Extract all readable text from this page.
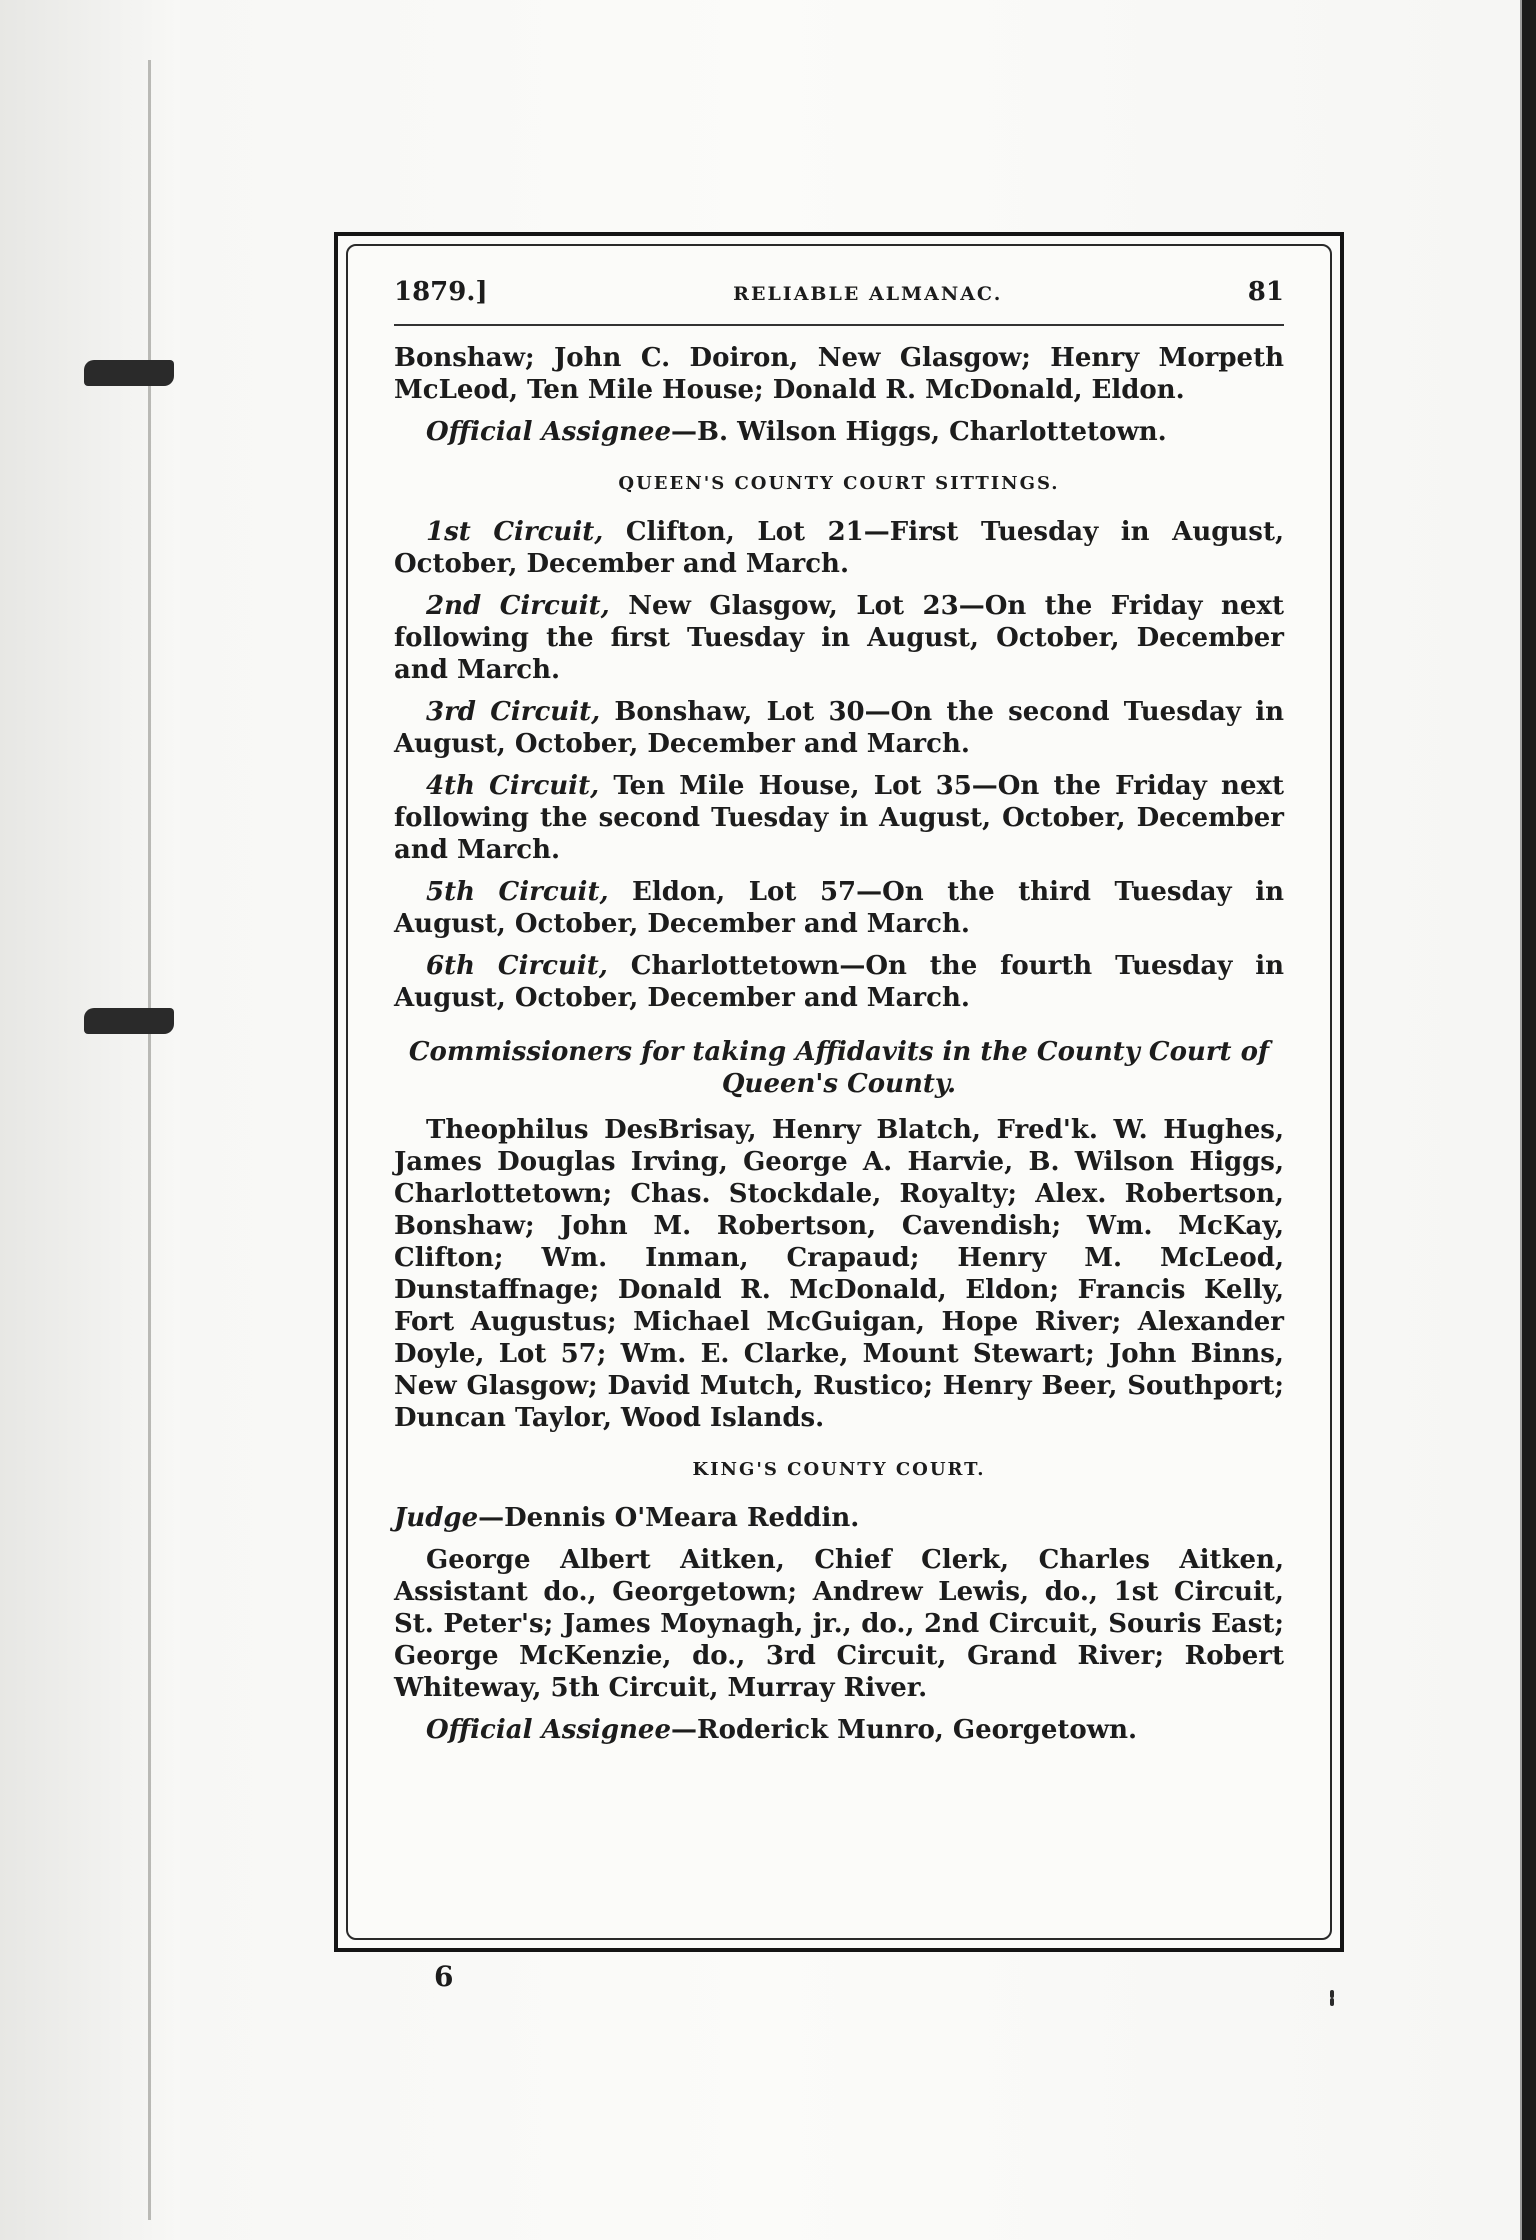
1879.]	RELIABLE ALMANAC.	81

Bonshaw; John C. Doiron, New Glasgow; Henry Morpeth McLeod, Ten Mile House; Donald R. McDonald, Eldon.

Official Assignee—B. Wilson Higgs, Charlottetown.

QUEEN'S COUNTY COURT SITTINGS.

1st Circuit, Clifton, Lot 21—First Tuesday in August, October, December and March.

2nd Circuit, New Glasgow, Lot 23—On the Friday next following the first Tuesday in August, October, December and March.

3rd Circuit, Bonshaw, Lot 30—On the second Tuesday in August, October, December and March.

4th Circuit, Ten Mile House, Lot 35—On the Friday next following the second Tuesday in August, October, December and March.

5th Circuit, Eldon, Lot 57—On the third Tuesday in August, October, December and March.

6th Circuit, Charlottetown—On the fourth Tuesday in August, October, December and March.

Commissioners for taking Affidavits in the County Court of Queen's County.

Theophilus DesBrisay, Henry Blatch, Fred'k. W. Hughes, James Douglas Irving, George A. Harvie, B. Wilson Higgs, Charlottetown; Chas. Stockdale, Royalty; Alex. Robertson, Bonshaw; John M. Robertson, Cavendish; Wm. McKay, Clifton; Wm. Inman, Crapaud; Henry M. McLeod, Dunstaffnage; Donald R. McDonald, Eldon; Francis Kelly, Fort Augustus; Michael McGuigan, Hope River; Alexander Doyle, Lot 57; Wm. E. Clarke, Mount Stewart; John Binns, New Glasgow; David Mutch, Rustico; Henry Beer, Southport; Duncan Taylor, Wood Islands.

KING'S COUNTY COURT.

Judge—Dennis O'Meara Reddin.

George Albert Aitken, Chief Clerk, Charles Aitken, Assistant do., Georgetown; Andrew Lewis, do., 1st Circuit, St. Peter's; James Moynagh, jr., do., 2nd Circuit, Souris East; George McKenzie, do., 3rd Circuit, Grand River; Robert Whiteway, 5th Circuit, Murray River.

Official Assignee—Roderick Munro, Georgetown.

6
